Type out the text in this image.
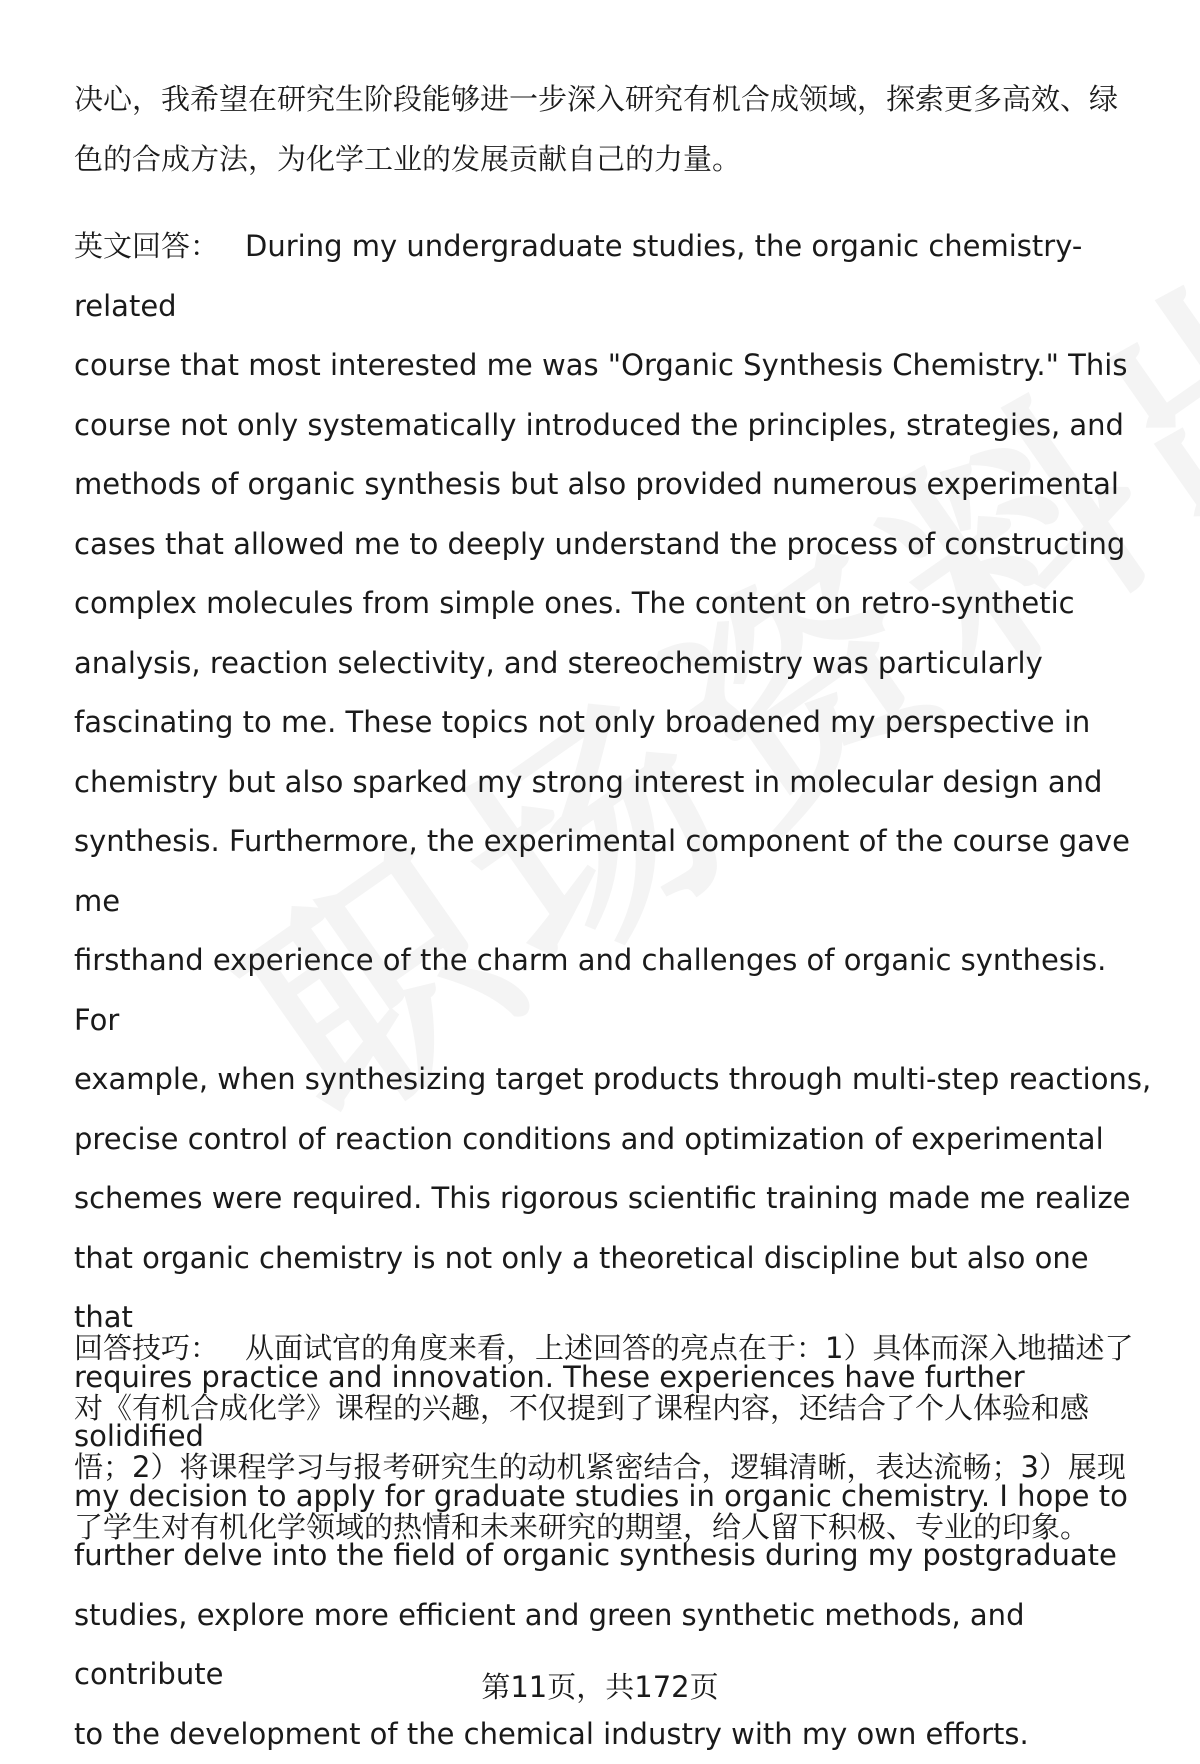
决心，我希望在研究生阶段能够进一步深入研究有机合成领域，探索更多高效、绿
色的合成方法，为化学工业的发展贡献自己的力量。

英文回答： During my undergraduate studies, the organic chemistry-related
course that most interested me was "Organic Synthesis Chemistry." This
course not only systematically introduced the principles, strategies, and
methods of organic synthesis but also provided numerous experimental
cases that allowed me to deeply understand the process of constructing
complex molecules from simple ones. The content on retro-synthetic
analysis, reaction selectivity, and stereochemistry was particularly
fascinating to me. These topics not only broadened my perspective in
chemistry but also sparked my strong interest in molecular design and
synthesis. Furthermore, the experimental component of the course gave me
firsthand experience of the charm and challenges of organic synthesis. For
example, when synthesizing target products through multi-step reactions,
precise control of reaction conditions and optimization of experimental
schemes were required. This rigorous scientific training made me realize
that organic chemistry is not only a theoretical discipline but also one that
requires practice and innovation. These experiences have further solidified
my decision to apply for graduate studies in organic chemistry. I hope to
further delve into the field of organic synthesis during my postgraduate
studies, explore more efficient and green synthetic methods, and contribute
to the development of the chemical industry with my own efforts.

回答技巧： 从面试官的角度来看，上述回答的亮点在于：1）具体而深入地描述了
对《有机合成化学》课程的兴趣，不仅提到了课程内容，还结合了个人体验和感
悟；2）将课程学习与报考研究生的动机紧密结合，逻辑清晰，表达流畅；3）展现
了学生对有机化学领域的热情和未来研究的期望，给人留下积极、专业的印象。

第11页，共172页
